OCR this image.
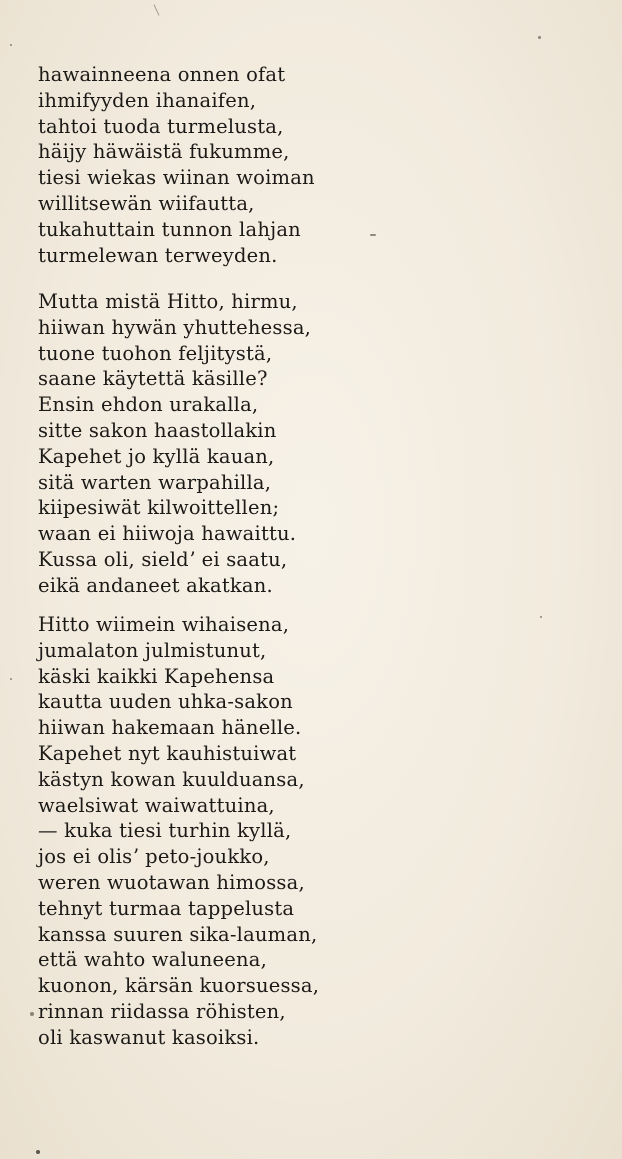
hawainneena onnen ofat
ihmifyyden ihanaifen,
tahtoi tuoda turmelusta,
häijy häwäistä fukumme,
tiesi wiekas wiinan woiman
willitsewän wiifautta,
tukahuttain tunnon lahjan
turmelewan terweyden.
Mutta mistä Hitto, hirmu,
hiiwan hywän yhuttehessa,
tuone tuohon feljitystä,
saane käytettä käsille?
Ensin ehdon urakalla,
sitte sakon haastollakin
Kapehet jo kyllä kauan,
sitä warten warpahilla,
kiipesiwät kilwoittellen;
waan ei hiiwoja hawaittu.
Kussa oli, sieldʼ ei saatu,
eikä andaneet akatkan.
Hitto wiimein wihaisena,
jumalaton julmistunut,
käski kaikki Kapehensa
kautta uuden uhka-sakon
hiiwan hakemaan hänelle.
Kapehet nyt kauhistuiwat
kästyn kowan kuulduansa,
waelsiwat waiwattuina,
— kuka tiesi turhin kyllä,
jos ei olisʼ peto-joukko,
weren wuotawan himossa,
tehnyt turmaa tappelusta
kanssa suuren sika-lauman,
että wahto waluneena,
kuonon, kärsän kuorsuessa,
rinnan riidassa röhisten,
oli kaswanut kasoiksi.
